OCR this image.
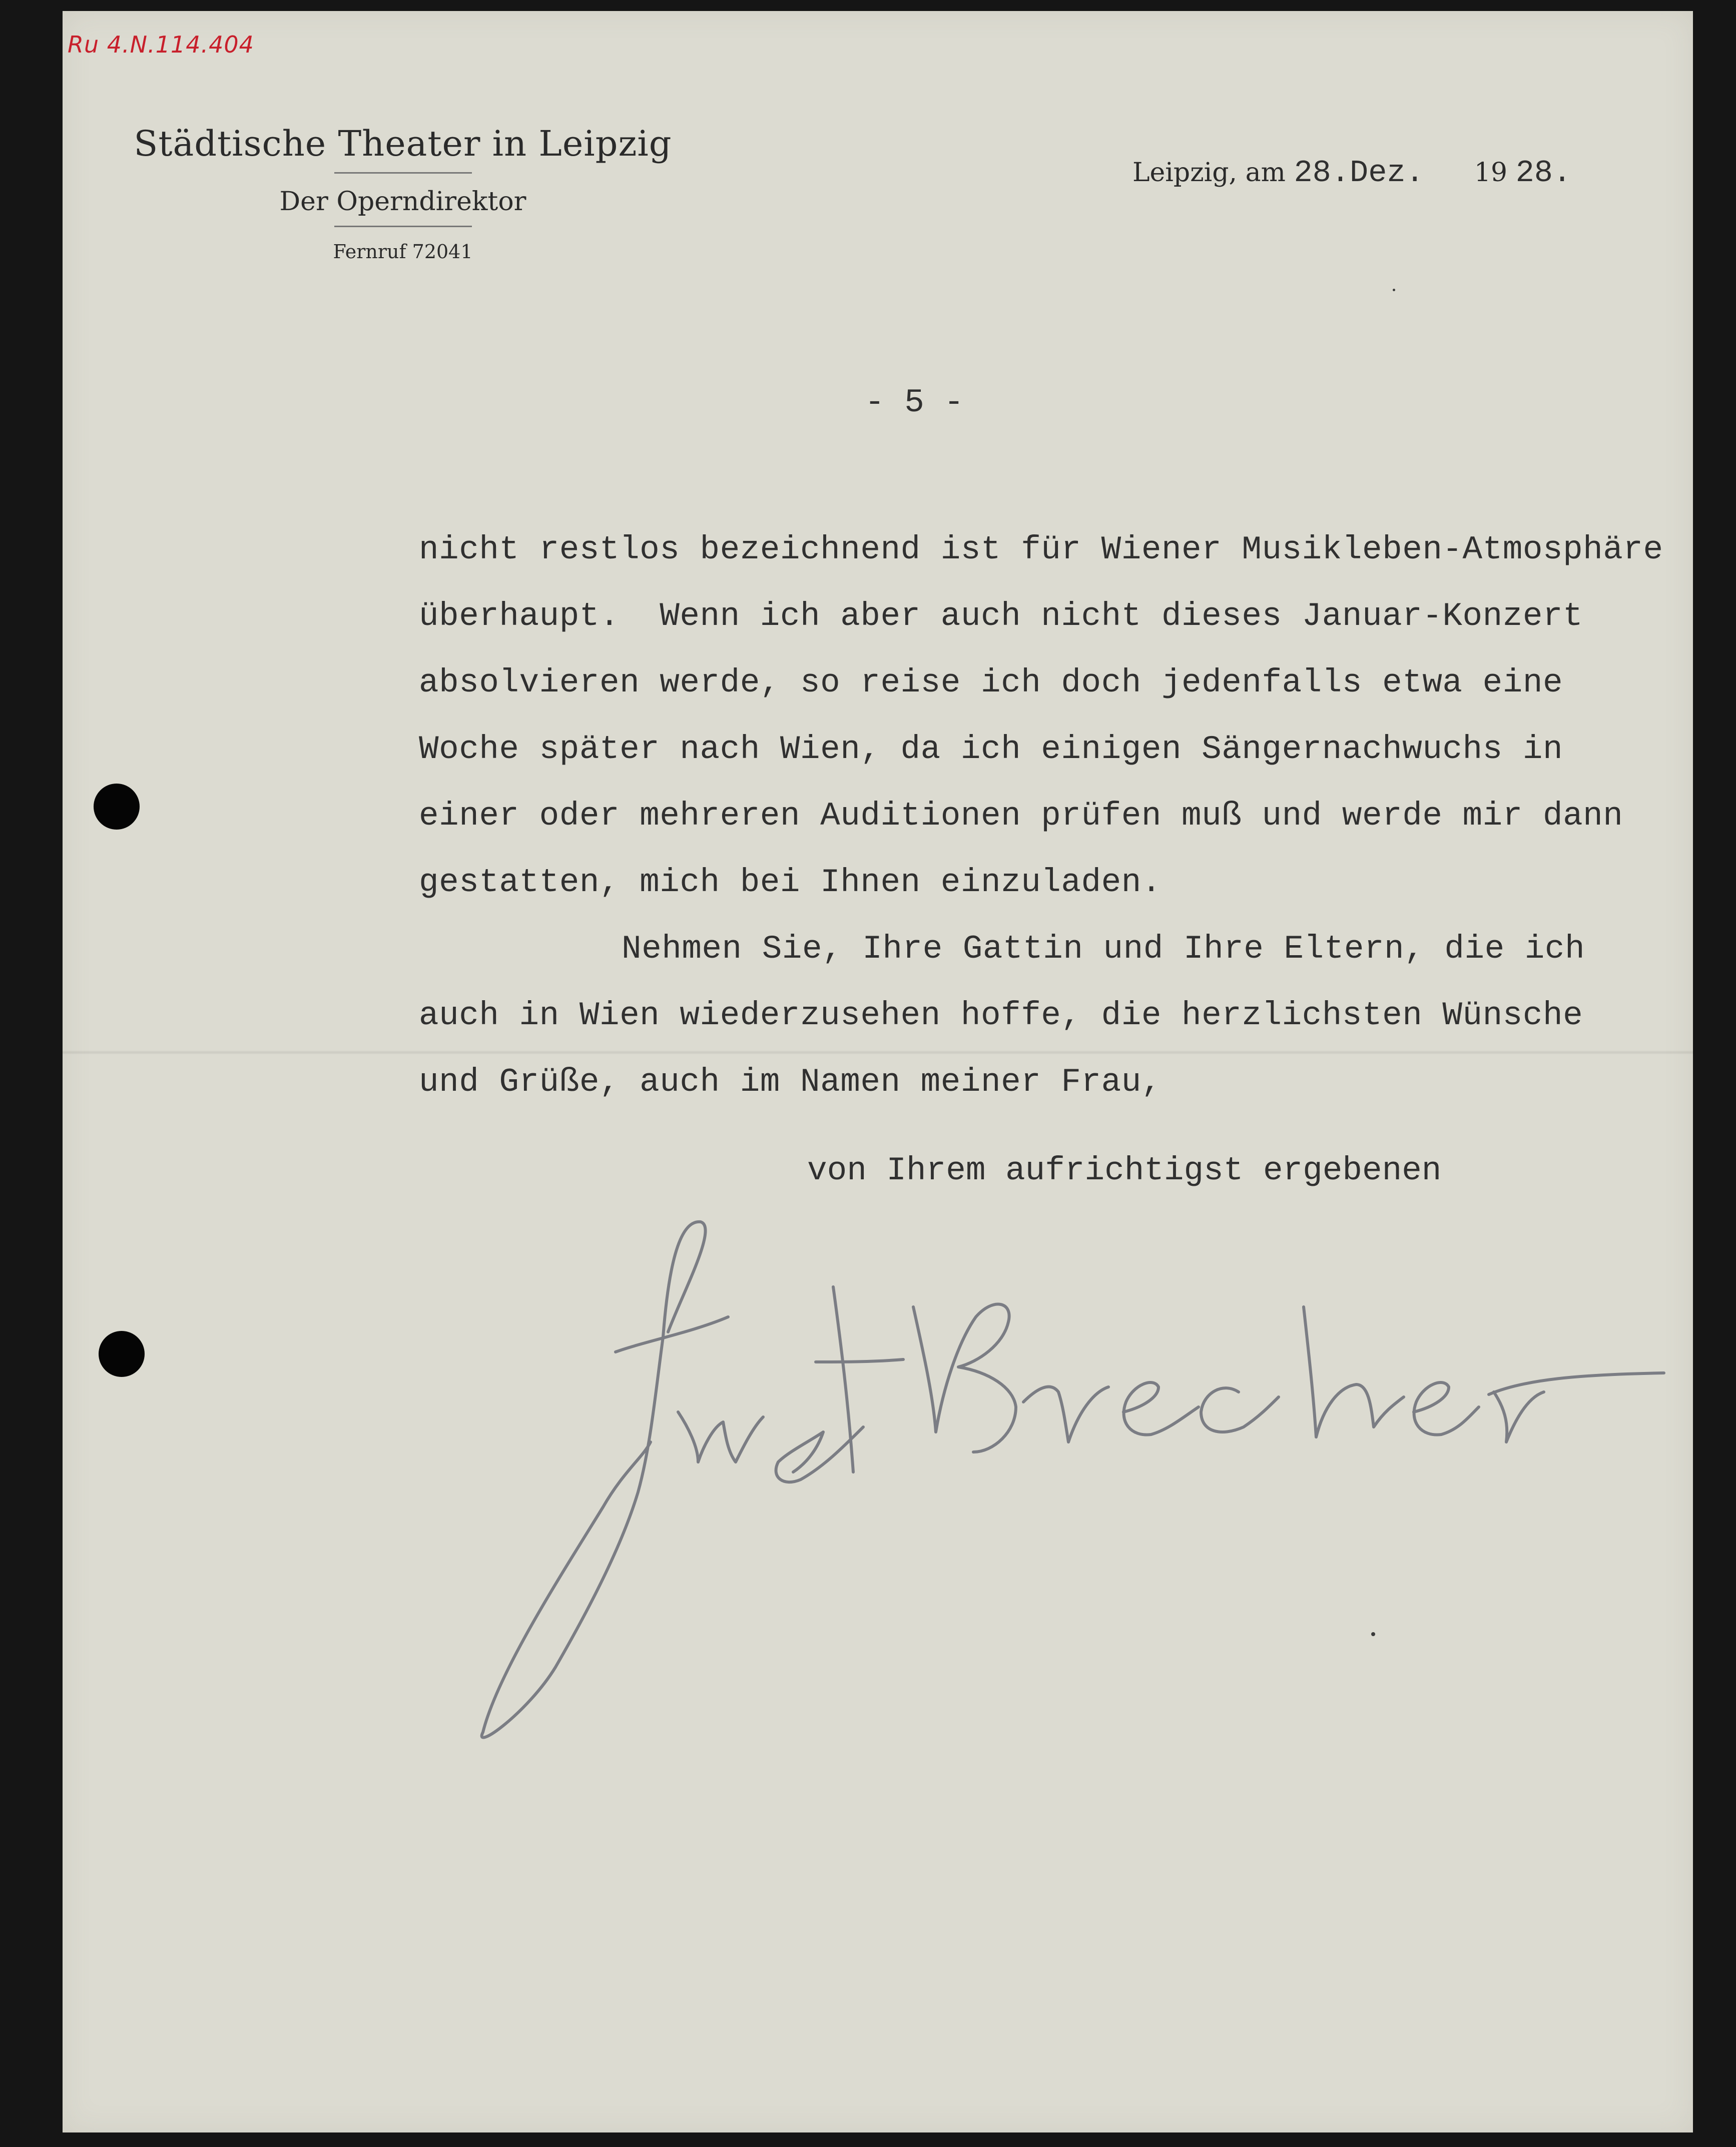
Ru 4.N.114.404
Städtische Theater in Leipzig
Der Operndirektor
Fernruf 72041
Leipzig, am 28.Dez. 19 28.
- 5 -
nicht restlos bezeichnend ist für Wiener Musikleben-Atmosphäre
überhaupt.  Wenn ich aber auch nicht dieses Januar-Konzert
absolvieren werde, so reise ich doch jedenfalls etwa eine
Woche später nach Wien, da ich einigen Sängernachwuchs in
einer oder mehreren Auditionen prüfen muß und werde mir dann
gestatten, mich bei Ihnen einzuladen.
Nehmen Sie, Ihre Gattin und Ihre Eltern, die ich
auch in Wien wiederzusehen hoffe, die herzlichsten Wünsche
und Grüße, auch im Namen meiner Frau,
von Ihrem aufrichtigst ergebenen
